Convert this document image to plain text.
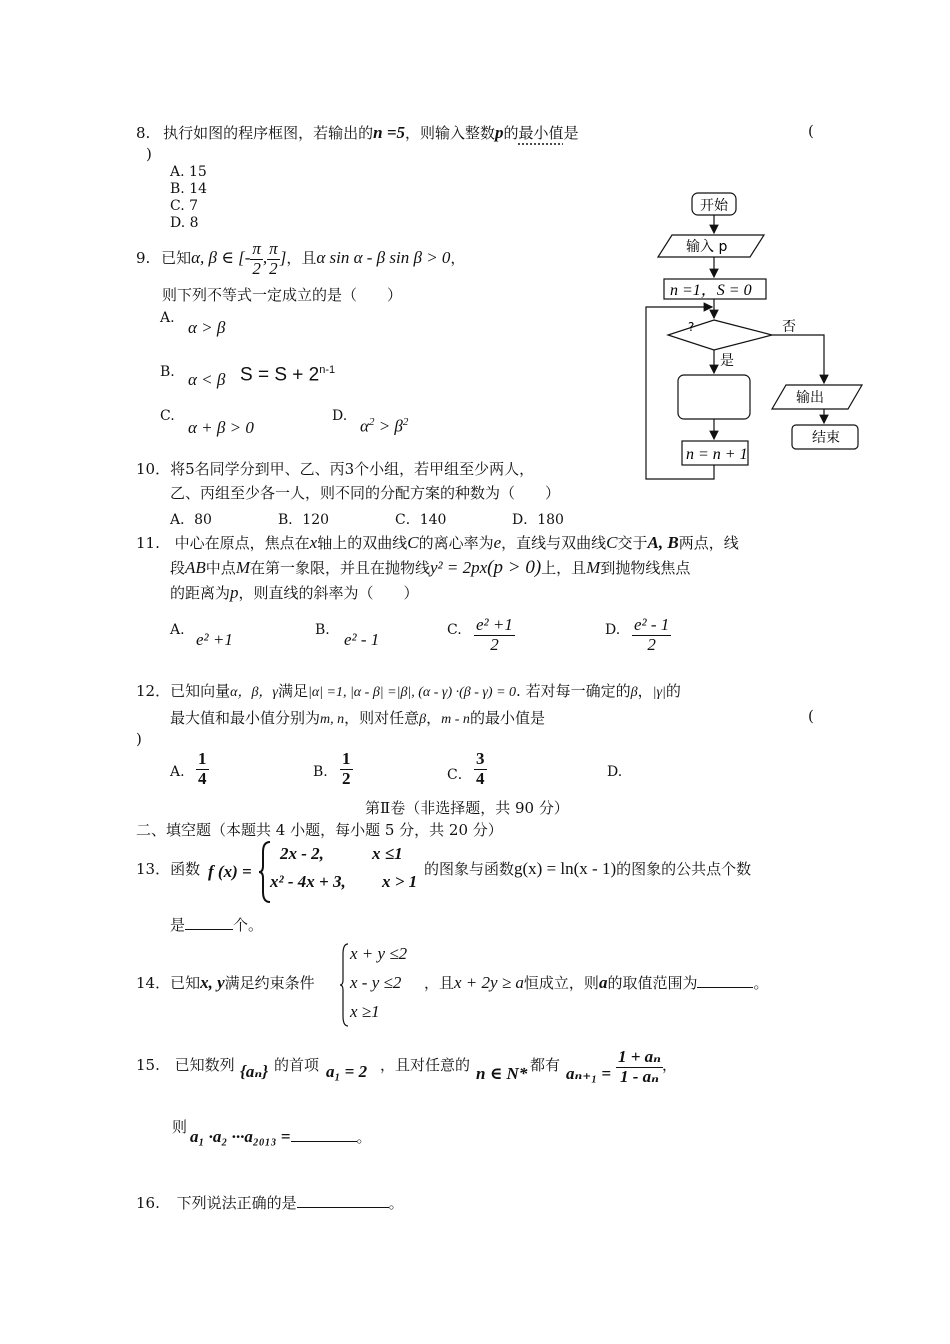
8. 执行如图的程序框图，若输出的n =5，则输入整数p的最小值是	(
)
A. 15
B. 14
C. 7
D. 8
9. 已知α, β ∈ [- $\frac{\pi}{2}$ , $\frac{\pi}{2}$ ]，且α sin α - β sin β > 0，
则下列不等式一定成立的是（　　）
A. α > β
B. α < β $S = S + 2^{n-1}$
C.
α + β > 0
D.
$\alpha^2 > \beta^2$
10．将5名同学分到甲、乙、丙3个小组，若甲组至少两人，
乙、丙组至少各一人，则不同的分配方案的种数为（　　）
A．80	B．120	C．140	D．180
11. 中心在原点，焦点在x轴上的双曲线C的离心率为e，直线与双曲线C交于A, B两点，线
段AB中点M在第一象限，并且在抛物线y² = 2px(p > 0)上，且M到抛物线焦点
的距离为p，则直线的斜率为（　　）
A. e² +1	B. e² - 1	C. $\frac{\text{e² +1}}{2}$	D. $\frac{\text{e² - 1}}{2}$
12．已知向量α，β，γ满足|α| =1, |α - β| =|β|, (α - γ) ·(β - γ) = 0. 若对每一确定的β，|γ|的
最大值和最小值分别为m, n，则对任意β，m - n的最小值是	(
)
A. $\frac{1}{4}$	B. $\frac{1}{2}$	C． $\frac{3}{4}$	D.
第Ⅱ卷（非选择题，共 90 分）
二、填空题（本题共 4 小题，每小题 5 分，共 20 分）
13．函数 f (x) =
2x - 2,	x ≤1
x² - 4x + 3, x > 1
的图象与函数g(x) = ln(x - 1)的图象的公共点个数
是	个。
14．已知x, y满足约束条件
x + y ≤2
x - y ≤2
x ≥1
，且x + 2y ≥ a恒成立，则a的取值范围为	。
15. 已知数列 {aₙ} 的首项 a₁ = 2 ，且对任意的 n ∈ N* 都有 $a_{n+1} = \frac{\text{1 + aₙ}}{\text{1 - aₙ}}$ ，
则 a₁ ·a₂ ···a₂₀₁₃ =	。
16. 下列说法正确的是	。
开始
输入 p
n =1，S = 0
?
是
否
输出
结束
n = n + 1
